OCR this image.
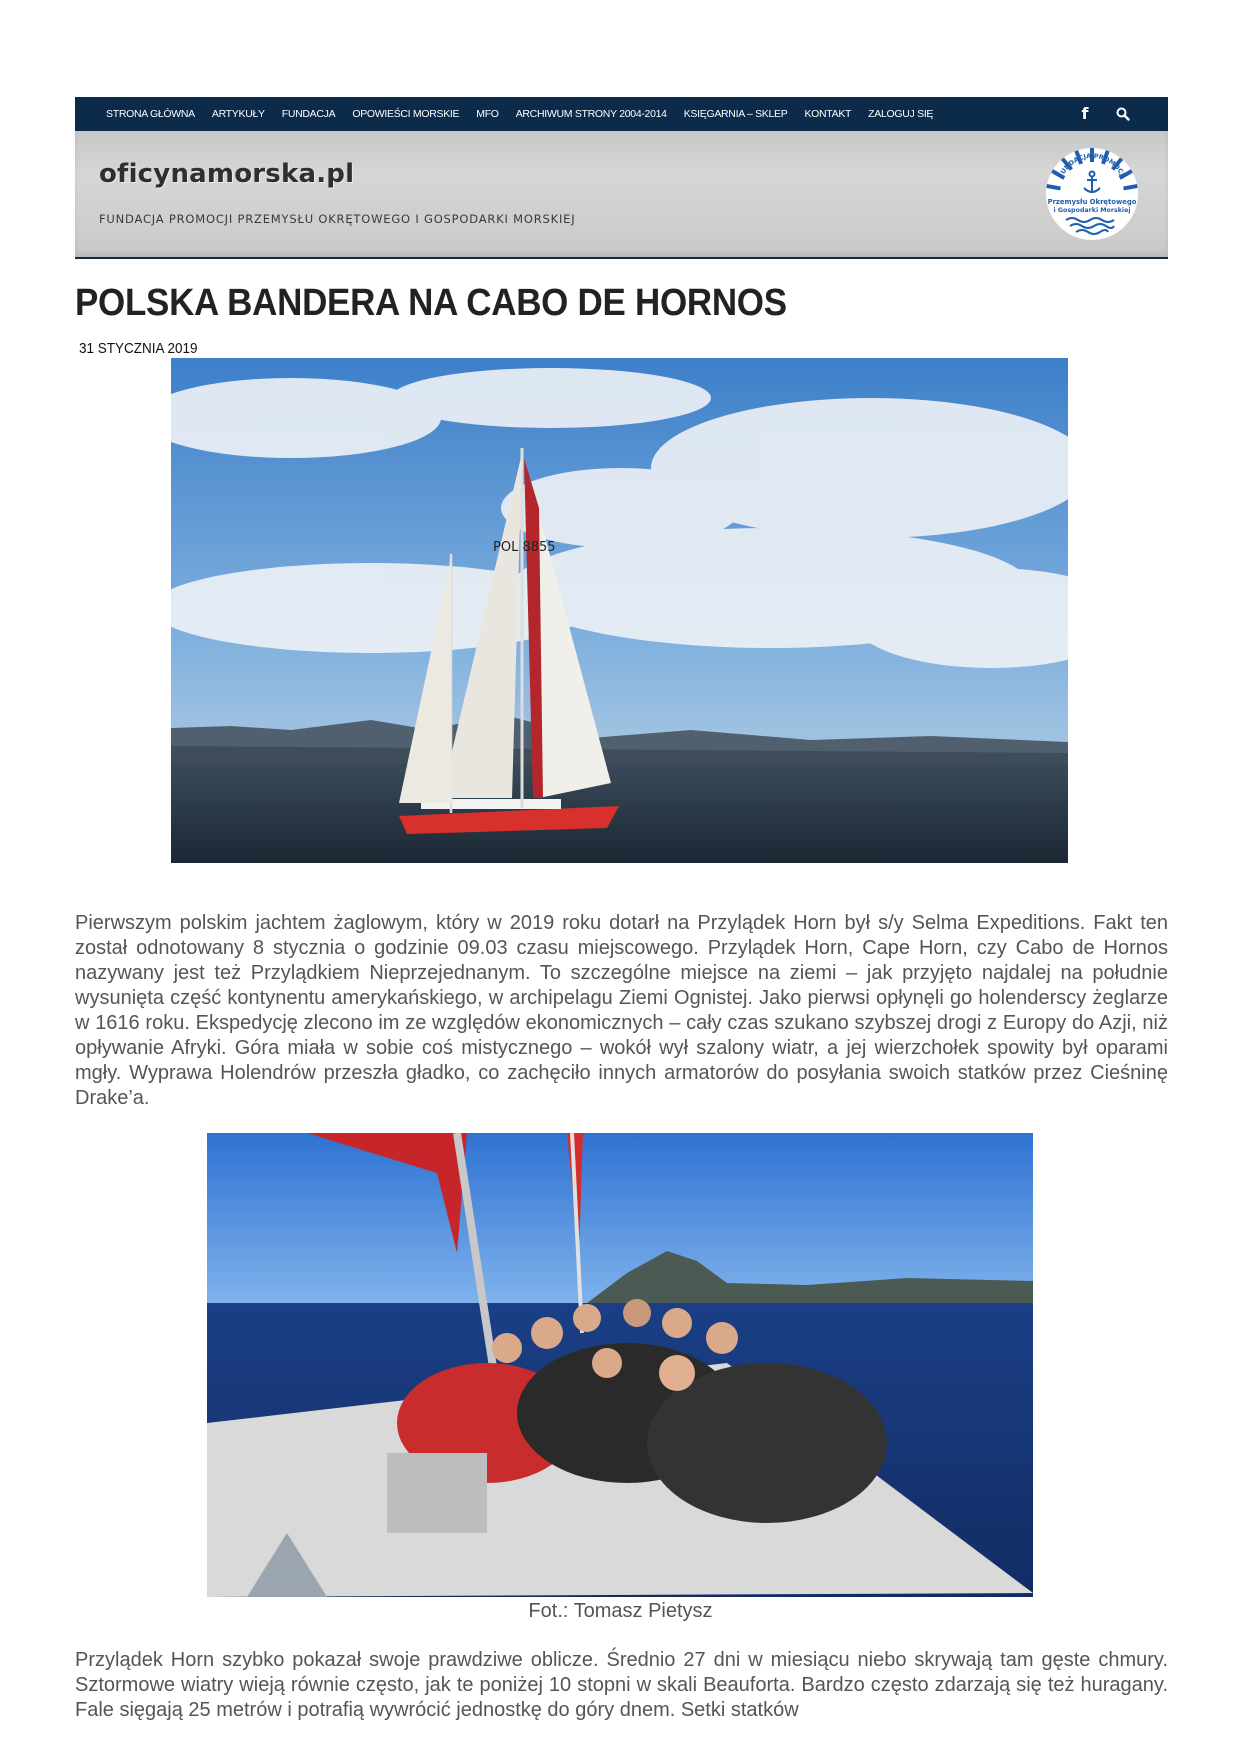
STRONA GŁÓWNA ARTYKUŁY FUNDACJA OPOWIEŚCI MORSKIE MFO ARCHIWUM STRONY 2004-2014 KSIĘGARNIA – SKLEP KONTAKT ZALOGUJ SIĘ	f
oficynamorska.pl
FUNDACJA PROMOCJI PRZEMYSŁU OKRĘTOWEGO I GOSPODARKI MORSKIEJ
FUNDACJA PROMOCJI
Przemysłu Okrętowego
i Gospodarki Morskiej
POLSKA BANDERA NA CABO DE HORNOS
31 STYCZNIA 2019
POL 8855

Pierwszym polskim jachtem żaglowym, który w 2019 roku dotarł na Przylądek Horn był s/y Selma Expeditions. Fakt ten został odnotowany 8 stycznia o godzinie 09.03 czasu miejscowego. Przylądek Horn, Cape Horn, czy Cabo de Hornos nazywany jest też Przylądkiem Nieprzejednanym. To szczególne miejsce na ziemi – jak przyjęto najdalej na południe wysunięta część kontynentu amerykańskiego, w archipelagu Ziemi Ognistej. Jako pierwsi opłynęli go holenderscy żeglarze w 1616 roku. Ekspedycję zlecono im ze względów ekonomicznych – cały czas szukano szybszej drogi z Europy do Azji, niż opływanie Afryki. Góra miała w sobie coś mistycznego – wokół wył szalony wiatr, a jej wierzchołek spowity był oparami mgły. Wyprawa Holendrów przeszła gładko, co zachęciło innych armatorów do posyłania swoich statków przez Cieśninę Drake’a.

Fot.: Tomasz Pietysz

Przylądek Horn szybko pokazał swoje prawdziwe oblicze. Średnio 27 dni w miesiącu niebo skrywają tam gęste chmury. Sztormowe wiatry wieją równie często, jak te poniżej 10 stopni w skali Beauforta. Bardzo często zdarzają się też huragany. Fale sięgają 25 metrów i potrafią wywrócić jednostkę do góry dnem. Setki statków
